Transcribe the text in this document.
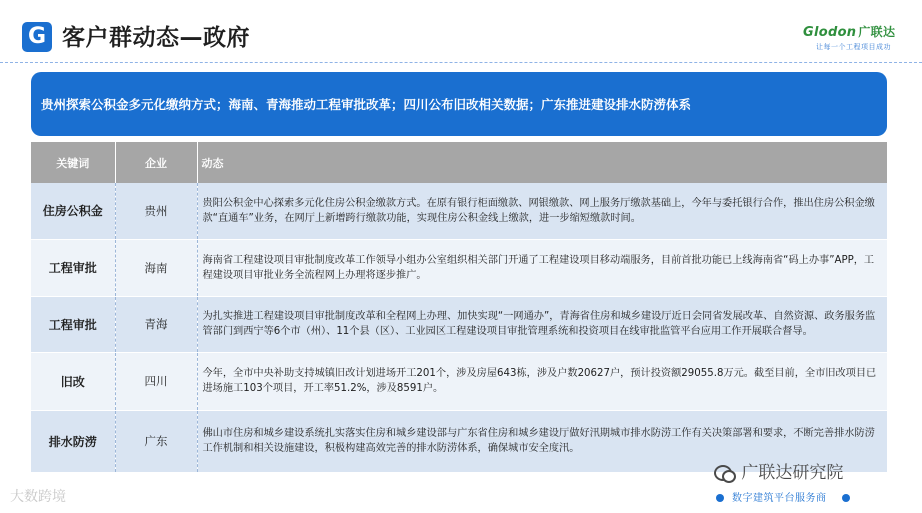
G 客户群动态—政府	Glodon 广联达
让每一个工程项目成功
贵州探索公积金多元化缴纳方式；海南、青海推动工程审批改革；四川公布旧改相关数据；广东推进建设排水防涝体系
关键词	企业	动态
住房公积金	贵州	贵阳公积金中心探索多元化住房公积金缴款方式。在原有银行柜面缴款、网银缴款、网上服务厅缴款基础上，今年与委托银行合作，推出住房公积金缴款“直通车”业务，在网厅上新增跨行缴款功能，实现住房公积金线上缴款，进一步缩短缴款时间。
工程审批	海南	海南省工程建设项目审批制度改革工作领导小组办公室组织相关部门开通了工程建设项目移动端服务，目前首批功能已上线海南省“码上办事”APP，工程建设项目审批业务全流程网上办理将逐步推广。
工程审批	青海	为扎实推进工程建设项目审批制度改革和全程网上办理、加快实现“一网通办”，青海省住房和城乡建设厅近日会同省发展改革、自然资源、政务服务监管部门到西宁等6个市（州）、11个县（区）、工业园区工程建设项目审批管理系统和投资项目在线审批监管平台应用工作开展联合督导。
旧改	四川	今年，全市中央补助支持城镇旧改计划进场开工201个，涉及房屋643栋，涉及户数20627户，预计投资额29055.8万元。截至目前，全市旧改项目已进场施工103个项目，开工率51.2%，涉及8591户。
排水防涝	广东	佛山市住房和城乡建设系统扎实落实住房和城乡建设部与广东省住房和城乡建设厅做好汛期城市排水防涝工作有关决策部署和要求，不断完善排水防涝工作机制和相关设施建设，积极构建高效完善的排水防涝体系，确保城市安全度汛。
大数跨境
广联达研究院
数字建筑平台服务商
